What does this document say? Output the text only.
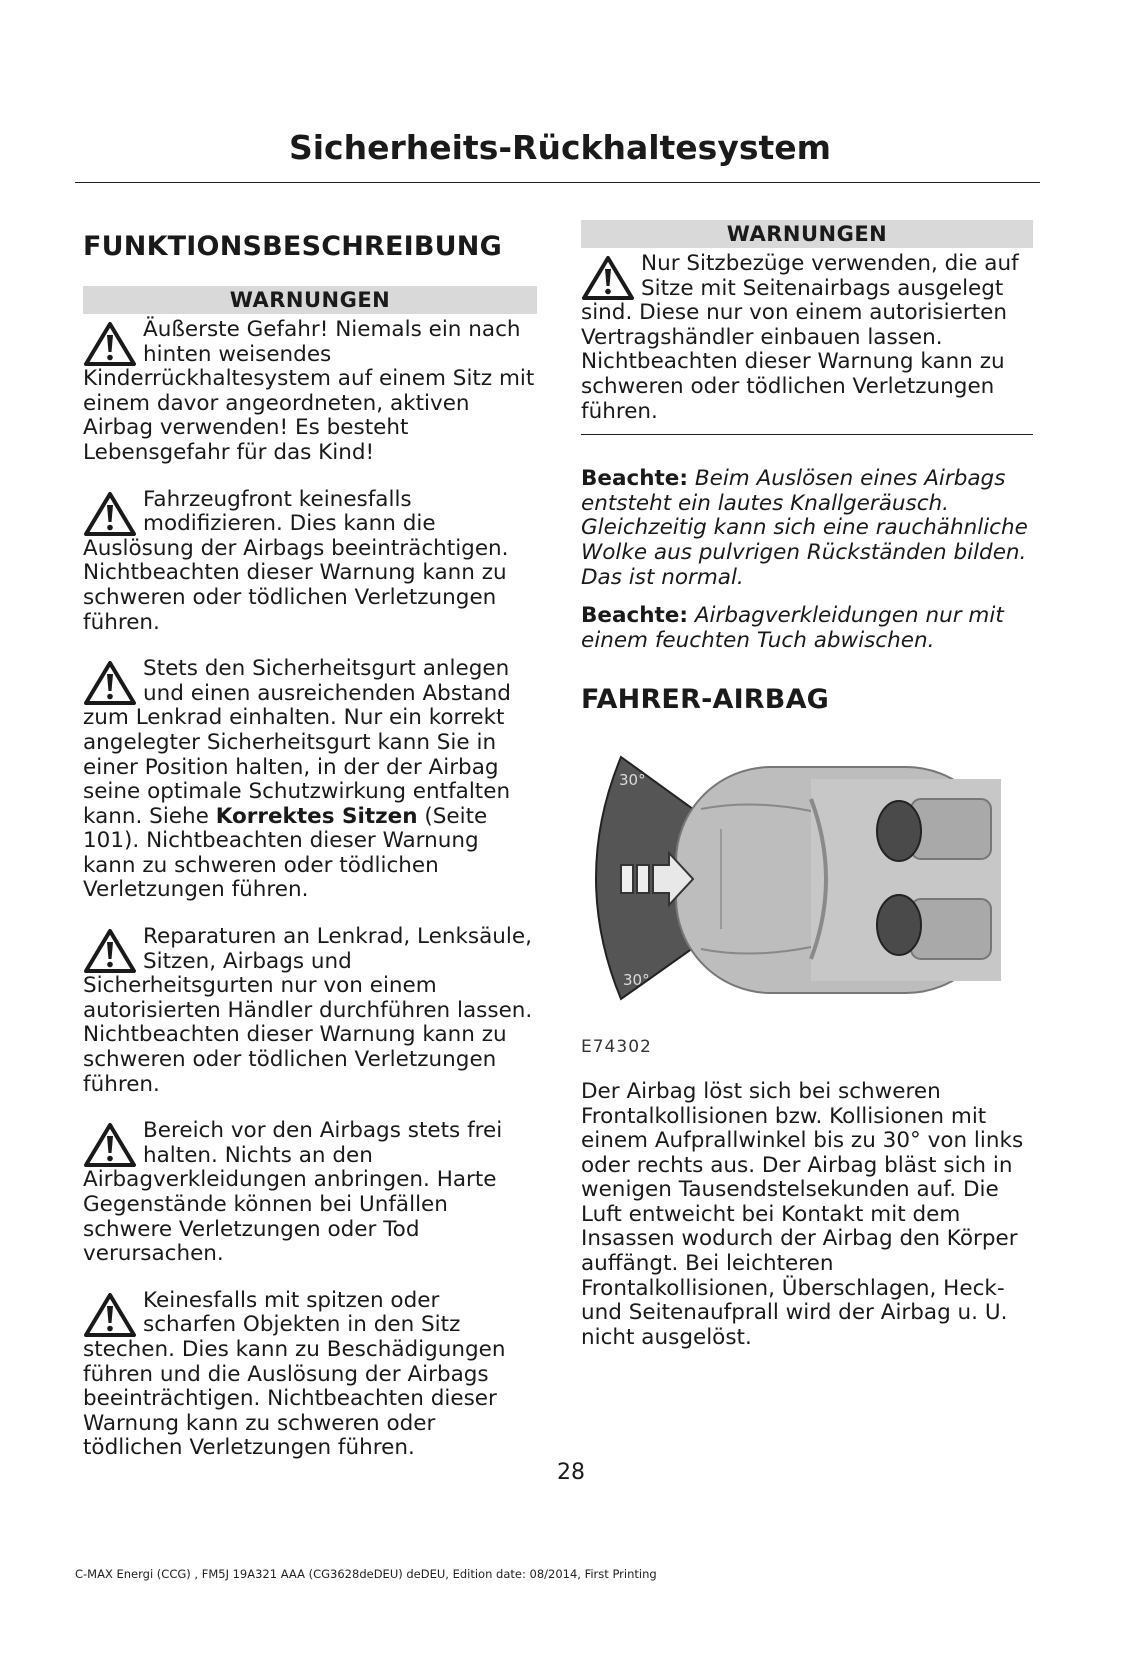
Sicherheits-Rückhaltesystem
FUNKTIONSBESCHREIBUNG
WARNUNGEN
Äußerste Gefahr! Niemals ein nach hinten weisendes Kinderrückhaltesystem auf einem Sitz mit einem davor angeordneten, aktiven Airbag verwenden! Es besteht Lebensgefahr für das Kind!
Fahrzeugfront keinesfalls modifizieren. Dies kann die Auslösung der Airbags beeinträchtigen. Nichtbeachten dieser Warnung kann zu schweren oder tödlichen Verletzungen führen.
Stets den Sicherheitsgurt anlegen und einen ausreichenden Abstand zum Lenkrad einhalten. Nur ein korrekt angelegter Sicherheitsgurt kann Sie in einer Position halten, in der der Airbag seine optimale Schutzwirkung entfalten kann. Siehe Korrektes Sitzen (Seite 101). Nichtbeachten dieser Warnung kann zu schweren oder tödlichen Verletzungen führen.
Reparaturen an Lenkrad, Lenksäule, Sitzen, Airbags und Sicherheitsgurten nur von einem autorisierten Händler durchführen lassen. Nichtbeachten dieser Warnung kann zu schweren oder tödlichen Verletzungen führen.
Bereich vor den Airbags stets frei halten. Nichts an den Airbagverkleidungen anbringen. Harte Gegenstände können bei Unfällen schwere Verletzungen oder Tod verursachen.
Keinesfalls mit spitzen oder scharfen Objekten in den Sitz stechen. Dies kann zu Beschädigungen führen und die Auslösung der Airbags beeinträchtigen. Nichtbeachten dieser Warnung kann zu schweren oder tödlichen Verletzungen führen.
WARNUNGEN
Nur Sitzbezüge verwenden, die auf Sitze mit Seitenairbags ausgelegt sind. Diese nur von einem autorisierten Vertragshändler einbauen lassen. Nichtbeachten dieser Warnung kann zu schweren oder tödlichen Verletzungen führen.
Beachte: Beim Auslösen eines Airbags entsteht ein lautes Knallgeräusch. Gleichzeitig kann sich eine rauchähnliche Wolke aus pulvrigen Rückständen bilden. Das ist normal.
Beachte: Airbagverkleidungen nur mit einem feuchten Tuch abwischen.
FAHRER-AIRBAG
30°
30°
E74302
Der Airbag löst sich bei schweren Frontalkollisionen bzw. Kollisionen mit einem Aufprallwinkel bis zu 30° von links oder rechts aus. Der Airbag bläst sich in wenigen Tausendstelsekunden auf. Die Luft entweicht bei Kontakt mit dem Insassen wodurch der Airbag den Körper auffängt. Bei leichteren Frontalkollisionen, Überschlagen, Heck- und Seitenaufprall wird der Airbag u. U. nicht ausgelöst.
28
C-MAX Energi (CCG) , FM5J 19A321 AAA (CG3628deDEU) deDEU, Edition date: 08/2014, First Printing
